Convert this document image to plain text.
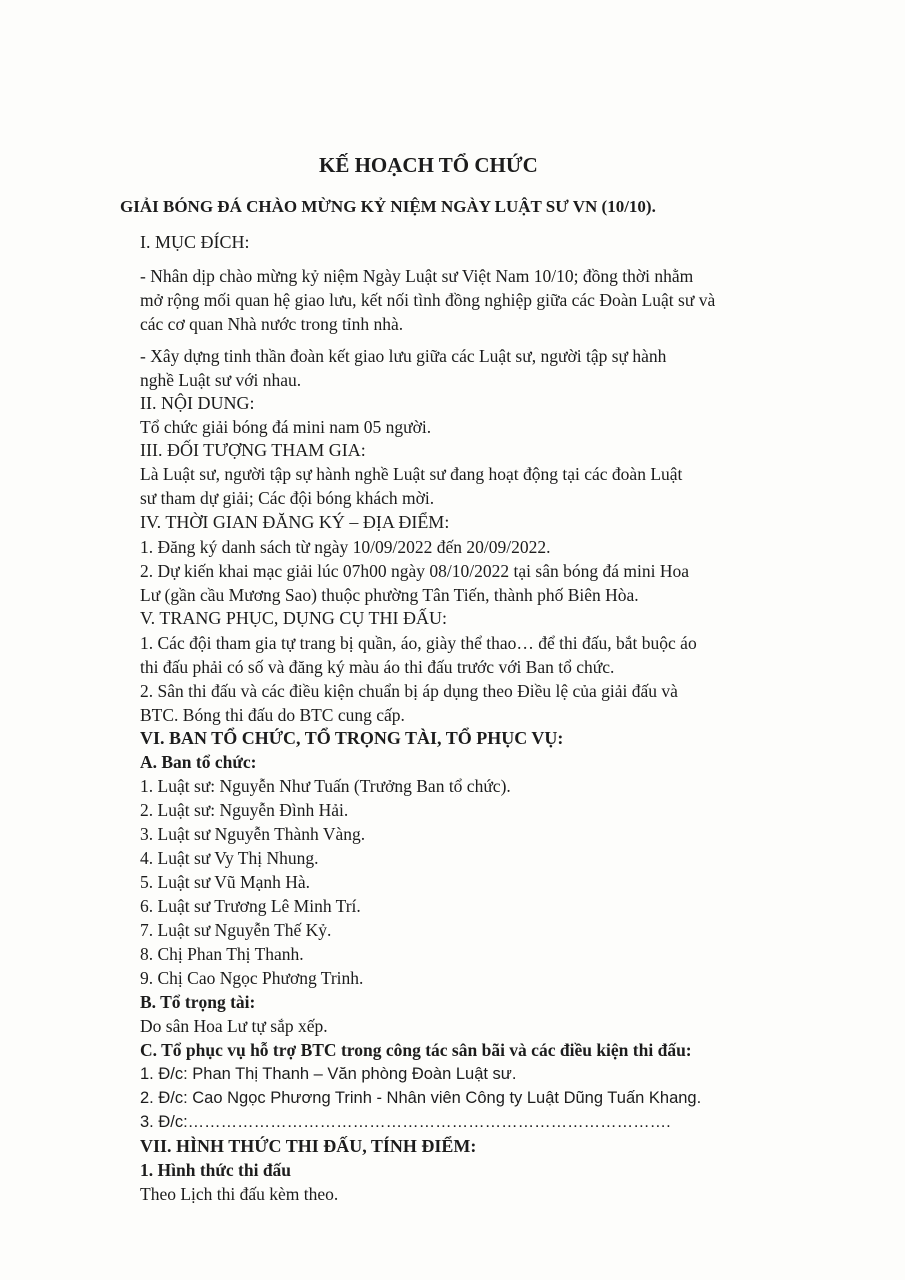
KẾ HOẠCH TỔ CHỨC
GIẢI BÓNG ĐÁ CHÀO MỪNG KỶ NIỆM NGÀY LUẬT SƯ VN (10/10).
I. MỤC ĐÍCH:
- Nhân dịp chào mừng kỷ niệm Ngày Luật sư Việt Nam 10/10; đồng thời nhằm
mở rộng mối quan hệ giao lưu, kết nối tình đồng nghiệp giữa các Đoàn Luật sư và
các cơ quan Nhà nước trong tỉnh nhà.
- Xây dựng tinh thần đoàn kết giao lưu giữa các Luật sư, người tập sự hành
nghề Luật sư với nhau.
II. NỘI DUNG:
Tổ chức giải bóng đá mini nam 05 người.
III. ĐỐI TƯỢNG THAM GIA:
Là Luật sư, người tập sự hành nghề Luật sư đang hoạt động tại các đoàn Luật
sư tham dự giải; Các đội bóng khách mời.
IV. THỜI GIAN ĐĂNG KÝ – ĐỊA ĐIỂM:
1. Đăng ký danh sách từ ngày 10/09/2022 đến 20/09/2022.
2. Dự kiến khai mạc giải lúc 07h00 ngày 08/10/2022 tại sân bóng đá mini Hoa
Lư (gần cầu Mương Sao) thuộc phường Tân Tiến, thành phố Biên Hòa.
V. TRANG PHỤC, DỤNG CỤ THI ĐẤU:
1. Các đội tham gia tự trang bị quần, áo, giày thể thao… để thi đấu, bắt buộc áo
thi đấu phải có số và đăng ký màu áo thi đấu trước với Ban tổ chức.
2. Sân thi đấu và các điều kiện chuẩn bị áp dụng theo Điều lệ của giải đấu và
BTC. Bóng thi đấu do BTC cung cấp.
VI. BAN TỔ CHỨC, TỔ TRỌNG TÀI, TỔ PHỤC VỤ:
A. Ban tổ chức:
1. Luật sư: Nguyễn Như Tuấn (Trưởng Ban tổ chức).
2. Luật sư: Nguyễn Đình Hải.
3. Luật sư Nguyễn Thành Vàng.
4. Luật sư Vy Thị Nhung.
5. Luật sư Vũ Mạnh Hà.
6. Luật sư Trương Lê Minh Trí.
7. Luật sư Nguyễn Thế Kỷ.
8. Chị Phan Thị Thanh.
9. Chị Cao Ngọc Phương Trinh.
B. Tổ trọng tài:
Do sân Hoa Lư tự sắp xếp.
C. Tổ phục vụ hỗ trợ BTC trong công tác sân bãi và các điều kiện thi đấu:
1. Đ/c: Phan Thị Thanh – Văn phòng Đoàn Luật sư.
2. Đ/c: Cao Ngọc Phương Trinh - Nhân viên Công ty Luật Dũng Tuấn Khang.
3. Đ/c:…………………………………………………………………………….
VII. HÌNH THỨC THI ĐẤU, TÍNH ĐIỂM:
1. Hình thức thi đấu
Theo Lịch thi đấu kèm theo.
